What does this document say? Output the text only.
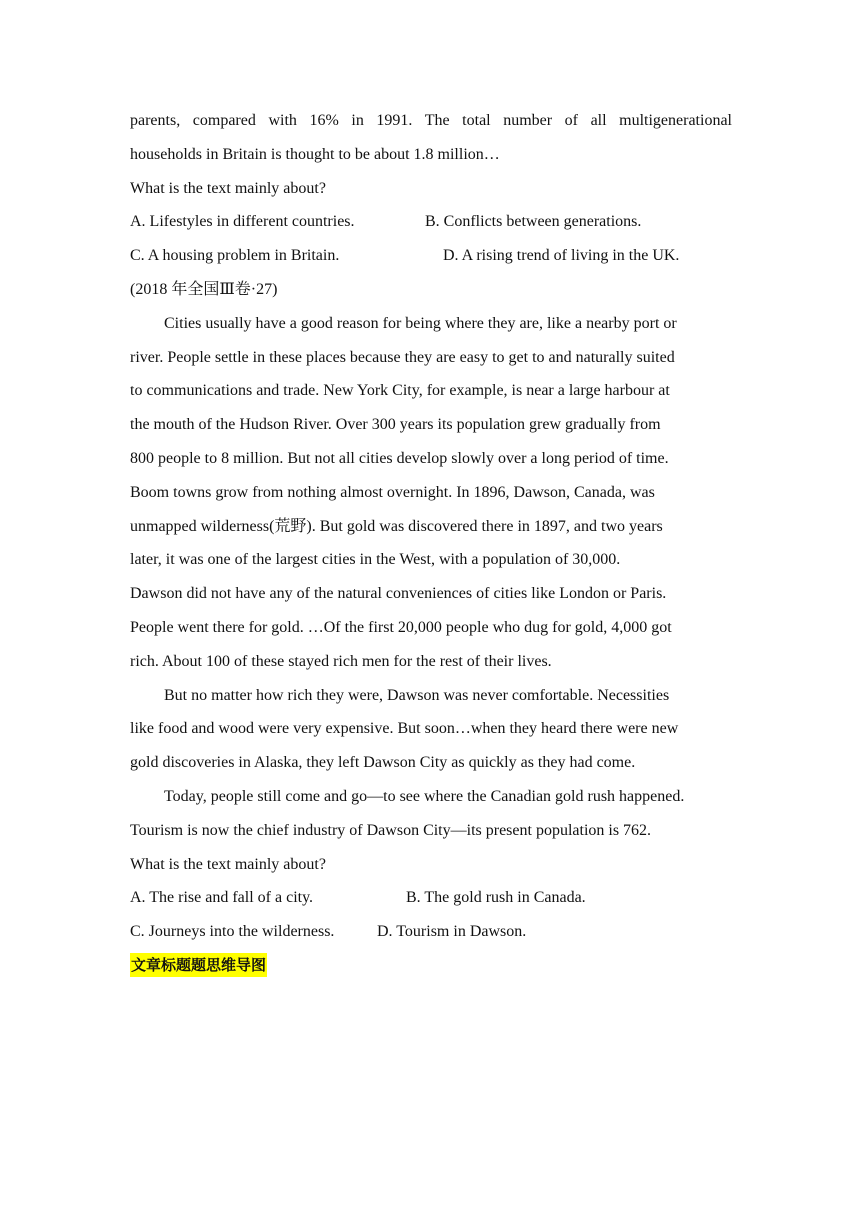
parents, compared with 16% in 1991. The total number of all multigenerational
households in Britain is thought to be about 1.8 million…
What is the text mainly about?
A. Lifestyles in different countries.	B. Conflicts between generations.
C. A housing problem in Britain.	D. A rising trend of living in the UK.
(2018 年全国Ⅲ卷·27)
Cities usually have a good reason for being where they are, like a nearby port or
river. People settle in these places because they are easy to get to and naturally suited
to communications and trade. New York City, for example, is near a large harbour at
the mouth of the Hudson River. Over 300 years its population grew gradually from
800 people to 8 million. But not all cities develop slowly over a long period of time.
Boom towns grow from nothing almost overnight. In 1896, Dawson, Canada, was
unmapped wilderness(荒野). But gold was discovered there in 1897, and two years
later, it was one of the largest cities in the West, with a population of 30,000.
Dawson did not have any of the natural conveniences of cities like London or Paris.
People went there for gold. …Of the first 20,000 people who dug for gold, 4,000 got
rich. About 100 of these stayed rich men for the rest of their lives.
But no matter how rich they were, Dawson was never comfortable. Necessities
like food and wood were very expensive. But soon…when they heard there were new
gold discoveries in Alaska, they left Dawson City as quickly as they had come.
Today, people still come and go—to see where the Canadian gold rush happened.
Tourism is now the chief industry of Dawson City—its present population is 762.
What is the text mainly about?
A. The rise and fall of a city.	B. The gold rush in Canada.
C. Journeys into the wilderness.	D. Tourism in Dawson.
文章标题题思维导图
